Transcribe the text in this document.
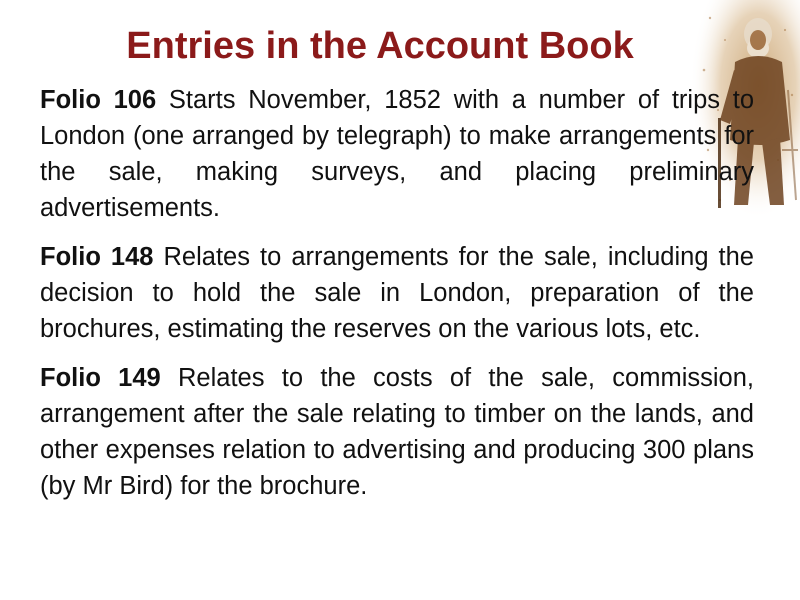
Entries in the Account Book

Folio 106 Starts November, 1852 with a number of trips to London (one arranged by telegraph) to make arrangements for the sale, making surveys, and placing preliminary advertisements.

Folio 148 Relates to arrangements for the sale, including the decision to hold the sale in London, preparation of the brochures, estimating the reserves on the various lots, etc.

Folio 149 Relates to the costs of the sale, commission, arrangement after the sale relating to timber on the lands, and other expenses relation to advertising and producing 300 plans (by Mr Bird) for the brochure.
